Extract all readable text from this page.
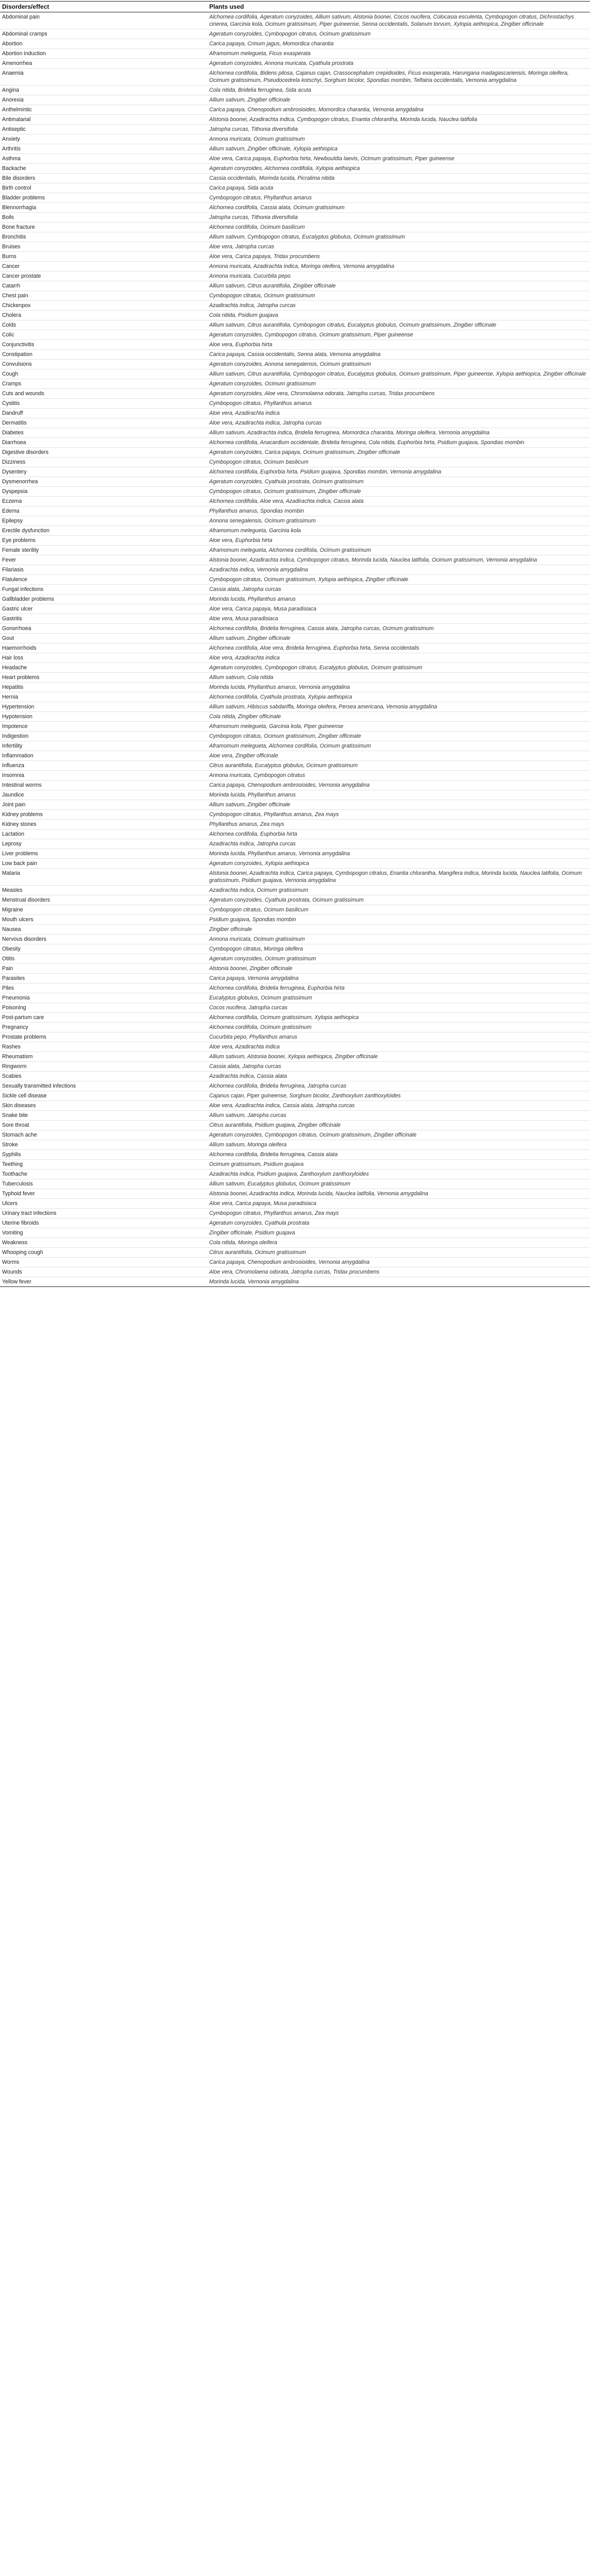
Disorders/effect	Plants used
Abdominal pain	Alchornea cordifolia, Ageratum conyzoides, Allium sativum, Alstonia boonei, Cocos nucifera, Colocasia esculenta, Cymbopogon citratus, Dichrostachys cinerea, Garcinia kola, Ocimum gratissimum, Piper guineense, Senna occidentalis, Solanum torvum, Xylopia aethiopica, Zingiber officinale
Abdominal cramps	Ageratum conyzoides, Cymbopogon citratus, Ocimum gratissimum
Abortion	Carica papaya, Crinum jagus, Momordica charantia
Abortion induction	Aframomum melegueta, Ficus exasperata
Amenorrhea	Ageratum conyzoides, Annona muricata, Cyathula prostrata
Anaemia	Alchornea cordifolia, Bidens pilosa, Cajanus cajan, Crassocephalum crepidioides, Ficus exasperata, Harungana madagascariensis, Moringa oleifera, Ocimum gratissimum, Pseudocedrela kotschyi, Sorghum bicolor, Spondias mombin, Telfairia occidentalis, Vernonia amygdalina
Angina	Cola nitida, Bridelia ferruginea, Sida acuta
Anorexia	Allium sativum, Zingiber officinale
Anthelmintic	Carica papaya, Chenopodium ambrosioides, Momordica charantia, Vernonia amygdalina
Antimalarial	Alstonia boonei, Azadirachta indica, Cymbopogon citratus, Enantia chlorantha, Morinda lucida, Nauclea latifolia
Antiseptic	Jatropha curcas, Tithonia diversifolia
Anxiety	Annona muricata, Ocimum gratissimum
Arthritis	Allium sativum, Zingiber officinale, Xylopia aethiopica
Asthma	Aloe vera, Carica papaya, Euphorbia hirta, Newbouldia laevis, Ocimum gratissimum, Piper guineense
Backache	Ageratum conyzoides, Alchornea cordifolia, Xylopia aethiopica
Bile disorders	Cassia occidentalis, Morinda lucida, Picralima nitida
Birth control	Carica papaya, Sida acuta
Bladder problems	Cymbopogon citratus, Phyllanthus amarus
Blennorrhagia	Alchornea cordifolia, Cassia alata, Ocimum gratissimum
Boils	Jatropha curcas, Tithonia diversifolia
Bone fracture	Alchornea cordifolia, Ocimum basilicum
Bronchitis	Allium sativum, Cymbopogon citratus, Eucalyptus globulus, Ocimum gratissimum
Bruises	Aloe vera, Jatropha curcas
Burns	Aloe vera, Carica papaya, Tridax procumbens
Cancer	Annona muricata, Azadirachta indica, Moringa oleifera, Vernonia amygdalina
Cancer prostate	Annona muricata, Cucurbita pepo
Catarrh	Allium sativum, Citrus aurantifolia, Zingiber officinale
Chest pain	Cymbopogon citratus, Ocimum gratissimum
Chickenpox	Azadirachta indica, Jatropha curcas
Cholera	Cola nitida, Psidium guajava
Colds	Allium sativum, Citrus aurantifolia, Cymbopogon citratus, Eucalyptus globulus, Ocimum gratissimum, Zingiber officinale
Colic	Ageratum conyzoides, Cymbopogon citratus, Ocimum gratissimum, Piper guineense
Conjunctivitis	Aloe vera, Euphorbia hirta
Constipation	Carica papaya, Cassia occidentalis, Senna alata, Vernonia amygdalina
Convulsions	Ageratum conyzoides, Annona senegalensis, Ocimum gratissimum
Cough	Allium sativum, Citrus aurantifolia, Cymbopogon citratus, Eucalyptus globulus, Ocimum gratissimum, Piper guineense, Xylopia aethiopica, Zingiber officinale
Cramps	Ageratum conyzoides, Ocimum gratissimum
Cuts and wounds	Ageratum conyzoides, Aloe vera, Chromolaena odorata, Jatropha curcas, Tridax procumbens
Cystitis	Cymbopogon citratus, Phyllanthus amarus
Dandruff	Aloe vera, Azadirachta indica
Dermatitis	Aloe vera, Azadirachta indica, Jatropha curcas
Diabetes	Allium sativum, Azadirachta indica, Bridelia ferruginea, Momordica charantia, Moringa oleifera, Vernonia amygdalina
Diarrhoea	Alchornea cordifolia, Anacardium occidentale, Bridelia ferruginea, Cola nitida, Euphorbia hirta, Psidium guajava, Spondias mombin
Digestive disorders	Ageratum conyzoides, Carica papaya, Ocimum gratissimum, Zingiber officinale
Dizziness	Cymbopogon citratus, Ocimum basilicum
Dysentery	Alchornea cordifolia, Euphorbia hirta, Psidium guajava, Spondias mombin, Vernonia amygdalina
Dysmenorrhea	Ageratum conyzoides, Cyathula prostrata, Ocimum gratissimum
Dyspepsia	Cymbopogon citratus, Ocimum gratissimum, Zingiber officinale
Eczema	Alchornea cordifolia, Aloe vera, Azadirachta indica, Cassia alata
Edema	Phyllanthus amarus, Spondias mombin
Epilepsy	Annona senegalensis, Ocimum gratissimum
Erectile dysfunction	Aframomum melegueta, Garcinia kola
Eye problems	Aloe vera, Euphorbia hirta
Female sterility	Aframomum melegueta, Alchornea cordifolia, Ocimum gratissimum
Fever	Alstonia boonei, Azadirachta indica, Cymbopogon citratus, Morinda lucida, Nauclea latifolia, Ocimum gratissimum, Vernonia amygdalina
Filariasis	Azadirachta indica, Vernonia amygdalina
Flatulence	Cymbopogon citratus, Ocimum gratissimum, Xylopia aethiopica, Zingiber officinale
Fungal infections	Cassia alata, Jatropha curcas
Gallbladder problems	Morinda lucida, Phyllanthus amarus
Gastric ulcer	Aloe vera, Carica papaya, Musa paradisiaca
Gastritis	Aloe vera, Musa paradisiaca
Gonorrhoea	Alchornea cordifolia, Bridelia ferruginea, Cassia alata, Jatropha curcas, Ocimum gratissimum
Gout	Allium sativum, Zingiber officinale
Haemorrhoids	Alchornea cordifolia, Aloe vera, Bridelia ferruginea, Euphorbia hirta, Senna occidentalis
Hair loss	Aloe vera, Azadirachta indica
Headache	Ageratum conyzoides, Cymbopogon citratus, Eucalyptus globulus, Ocimum gratissimum
Heart problems	Allium sativum, Cola nitida
Hepatitis	Morinda lucida, Phyllanthus amarus, Vernonia amygdalina
Hernia	Alchornea cordifolia, Cyathula prostrata, Xylopia aethiopica
Hypertension	Allium sativum, Hibiscus sabdariffa, Moringa oleifera, Persea americana, Vernonia amygdalina
Hypotension	Cola nitida, Zingiber officinale
Impotence	Aframomum melegueta, Garcinia kola, Piper guineense
Indigestion	Cymbopogon citratus, Ocimum gratissimum, Zingiber officinale
Infertility	Aframomum melegueta, Alchornea cordifolia, Ocimum gratissimum
Inflammation	Aloe vera, Zingiber officinale
Influenza	Citrus aurantifolia, Eucalyptus globulus, Ocimum gratissimum
Insomnia	Annona muricata, Cymbopogon citratus
Intestinal worms	Carica papaya, Chenopodium ambrosioides, Vernonia amygdalina
Jaundice	Morinda lucida, Phyllanthus amarus
Joint pain	Allium sativum, Zingiber officinale
Kidney problems	Cymbopogon citratus, Phyllanthus amarus, Zea mays
Kidney stones	Phyllanthus amarus, Zea mays
Lactation	Alchornea cordifolia, Euphorbia hirta
Leprosy	Azadirachta indica, Jatropha curcas
Liver problems	Morinda lucida, Phyllanthus amarus, Vernonia amygdalina
Low back pain	Ageratum conyzoides, Xylopia aethiopica
Malaria	Alstonia boonei, Azadirachta indica, Carica papaya, Cymbopogon citratus, Enantia chlorantha, Mangifera indica, Morinda lucida, Nauclea latifolia, Ocimum gratissimum, Psidium guajava, Vernonia amygdalina
Measles	Azadirachta indica, Ocimum gratissimum
Menstrual disorders	Ageratum conyzoides, Cyathula prostrata, Ocimum gratissimum
Migraine	Cymbopogon citratus, Ocimum basilicum
Mouth ulcers	Psidium guajava, Spondias mombin
Nausea	Zingiber officinale
Nervous disorders	Annona muricata, Ocimum gratissimum
Obesity	Cymbopogon citratus, Moringa oleifera
Otitis	Ageratum conyzoides, Ocimum gratissimum
Pain	Alstonia boonei, Zingiber officinale
Parasites	Carica papaya, Vernonia amygdalina
Piles	Alchornea cordifolia, Bridelia ferruginea, Euphorbia hirta
Pneumonia	Eucalyptus globulus, Ocimum gratissimum
Poisoning	Cocos nucifera, Jatropha curcas
Post-partum care	Alchornea cordifolia, Ocimum gratissimum, Xylopia aethiopica
Pregnancy	Alchornea cordifolia, Ocimum gratissimum
Prostate problems	Cucurbita pepo, Phyllanthus amarus
Rashes	Aloe vera, Azadirachta indica
Rheumatism	Allium sativum, Alstonia boonei, Xylopia aethiopica, Zingiber officinale
Ringworm	Cassia alata, Jatropha curcas
Scabies	Azadirachta indica, Cassia alata
Sexually transmitted infections	Alchornea cordifolia, Bridelia ferruginea, Jatropha curcas
Sickle cell disease	Cajanus cajan, Piper guineense, Sorghum bicolor, Zanthoxylum zanthoxyloides
Skin diseases	Aloe vera, Azadirachta indica, Cassia alata, Jatropha curcas
Snake bite	Allium sativum, Jatropha curcas
Sore throat	Citrus aurantifolia, Psidium guajava, Zingiber officinale
Stomach ache	Ageratum conyzoides, Cymbopogon citratus, Ocimum gratissimum, Zingiber officinale
Stroke	Allium sativum, Moringa oleifera
Syphilis	Alchornea cordifolia, Bridelia ferruginea, Cassia alata
Teething	Ocimum gratissimum, Psidium guajava
Toothache	Azadirachta indica, Psidium guajava, Zanthoxylum zanthoxyloides
Tuberculosis	Allium sativum, Eucalyptus globulus, Ocimum gratissimum
Typhoid fever	Alstonia boonei, Azadirachta indica, Morinda lucida, Nauclea latifolia, Vernonia amygdalina
Ulcers	Aloe vera, Carica papaya, Musa paradisiaca
Urinary tract infections	Cymbopogon citratus, Phyllanthus amarus, Zea mays
Uterine fibroids	Ageratum conyzoides, Cyathula prostrata
Vomiting	Zingiber officinale, Psidium guajava
Weakness	Cola nitida, Moringa oleifera
Whooping cough	Citrus aurantifolia, Ocimum gratissimum
Worms	Carica papaya, Chenopodium ambrosioides, Vernonia amygdalina
Wounds	Aloe vera, Chromolaena odorata, Jatropha curcas, Tridax procumbens
Yellow fever	Morinda lucida, Vernonia amygdalina
